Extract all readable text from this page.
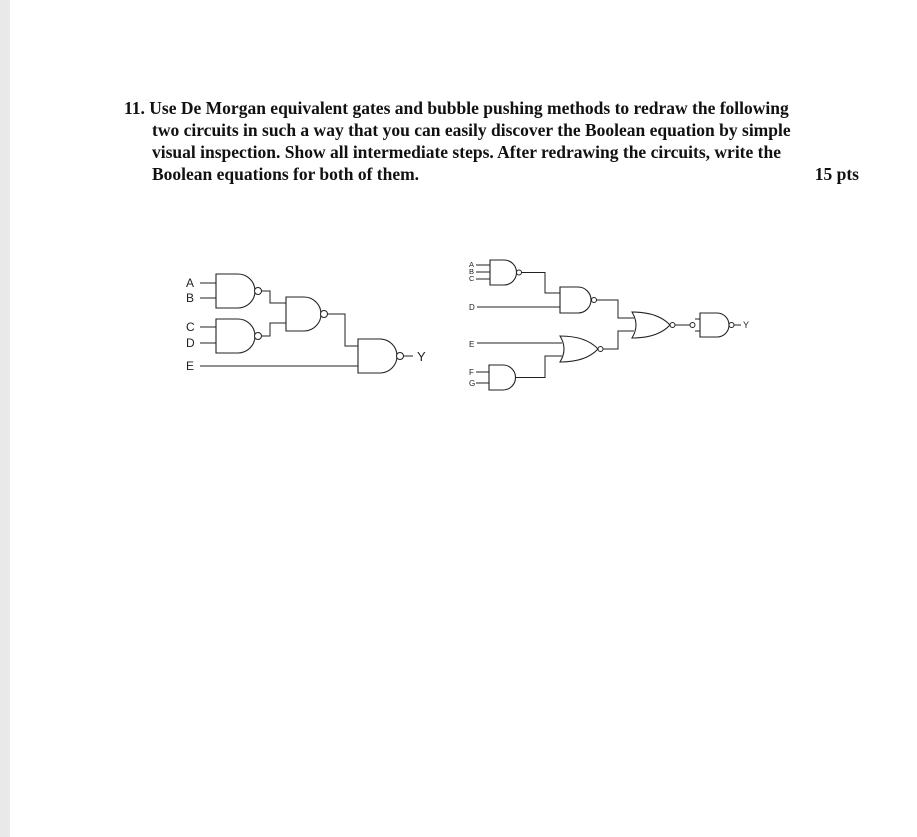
11. Use De Morgan equivalent gates and bubble pushing methods to redraw the following
two circuits in such a way that you can easily discover the Boolean equation by simple
visual inspection. Show all intermediate steps. After redrawing the circuits, write the
Boolean equations for both of them.	15 pts
A
B
C
D
E
Y
A
B
C
D
E
F
G
Y
